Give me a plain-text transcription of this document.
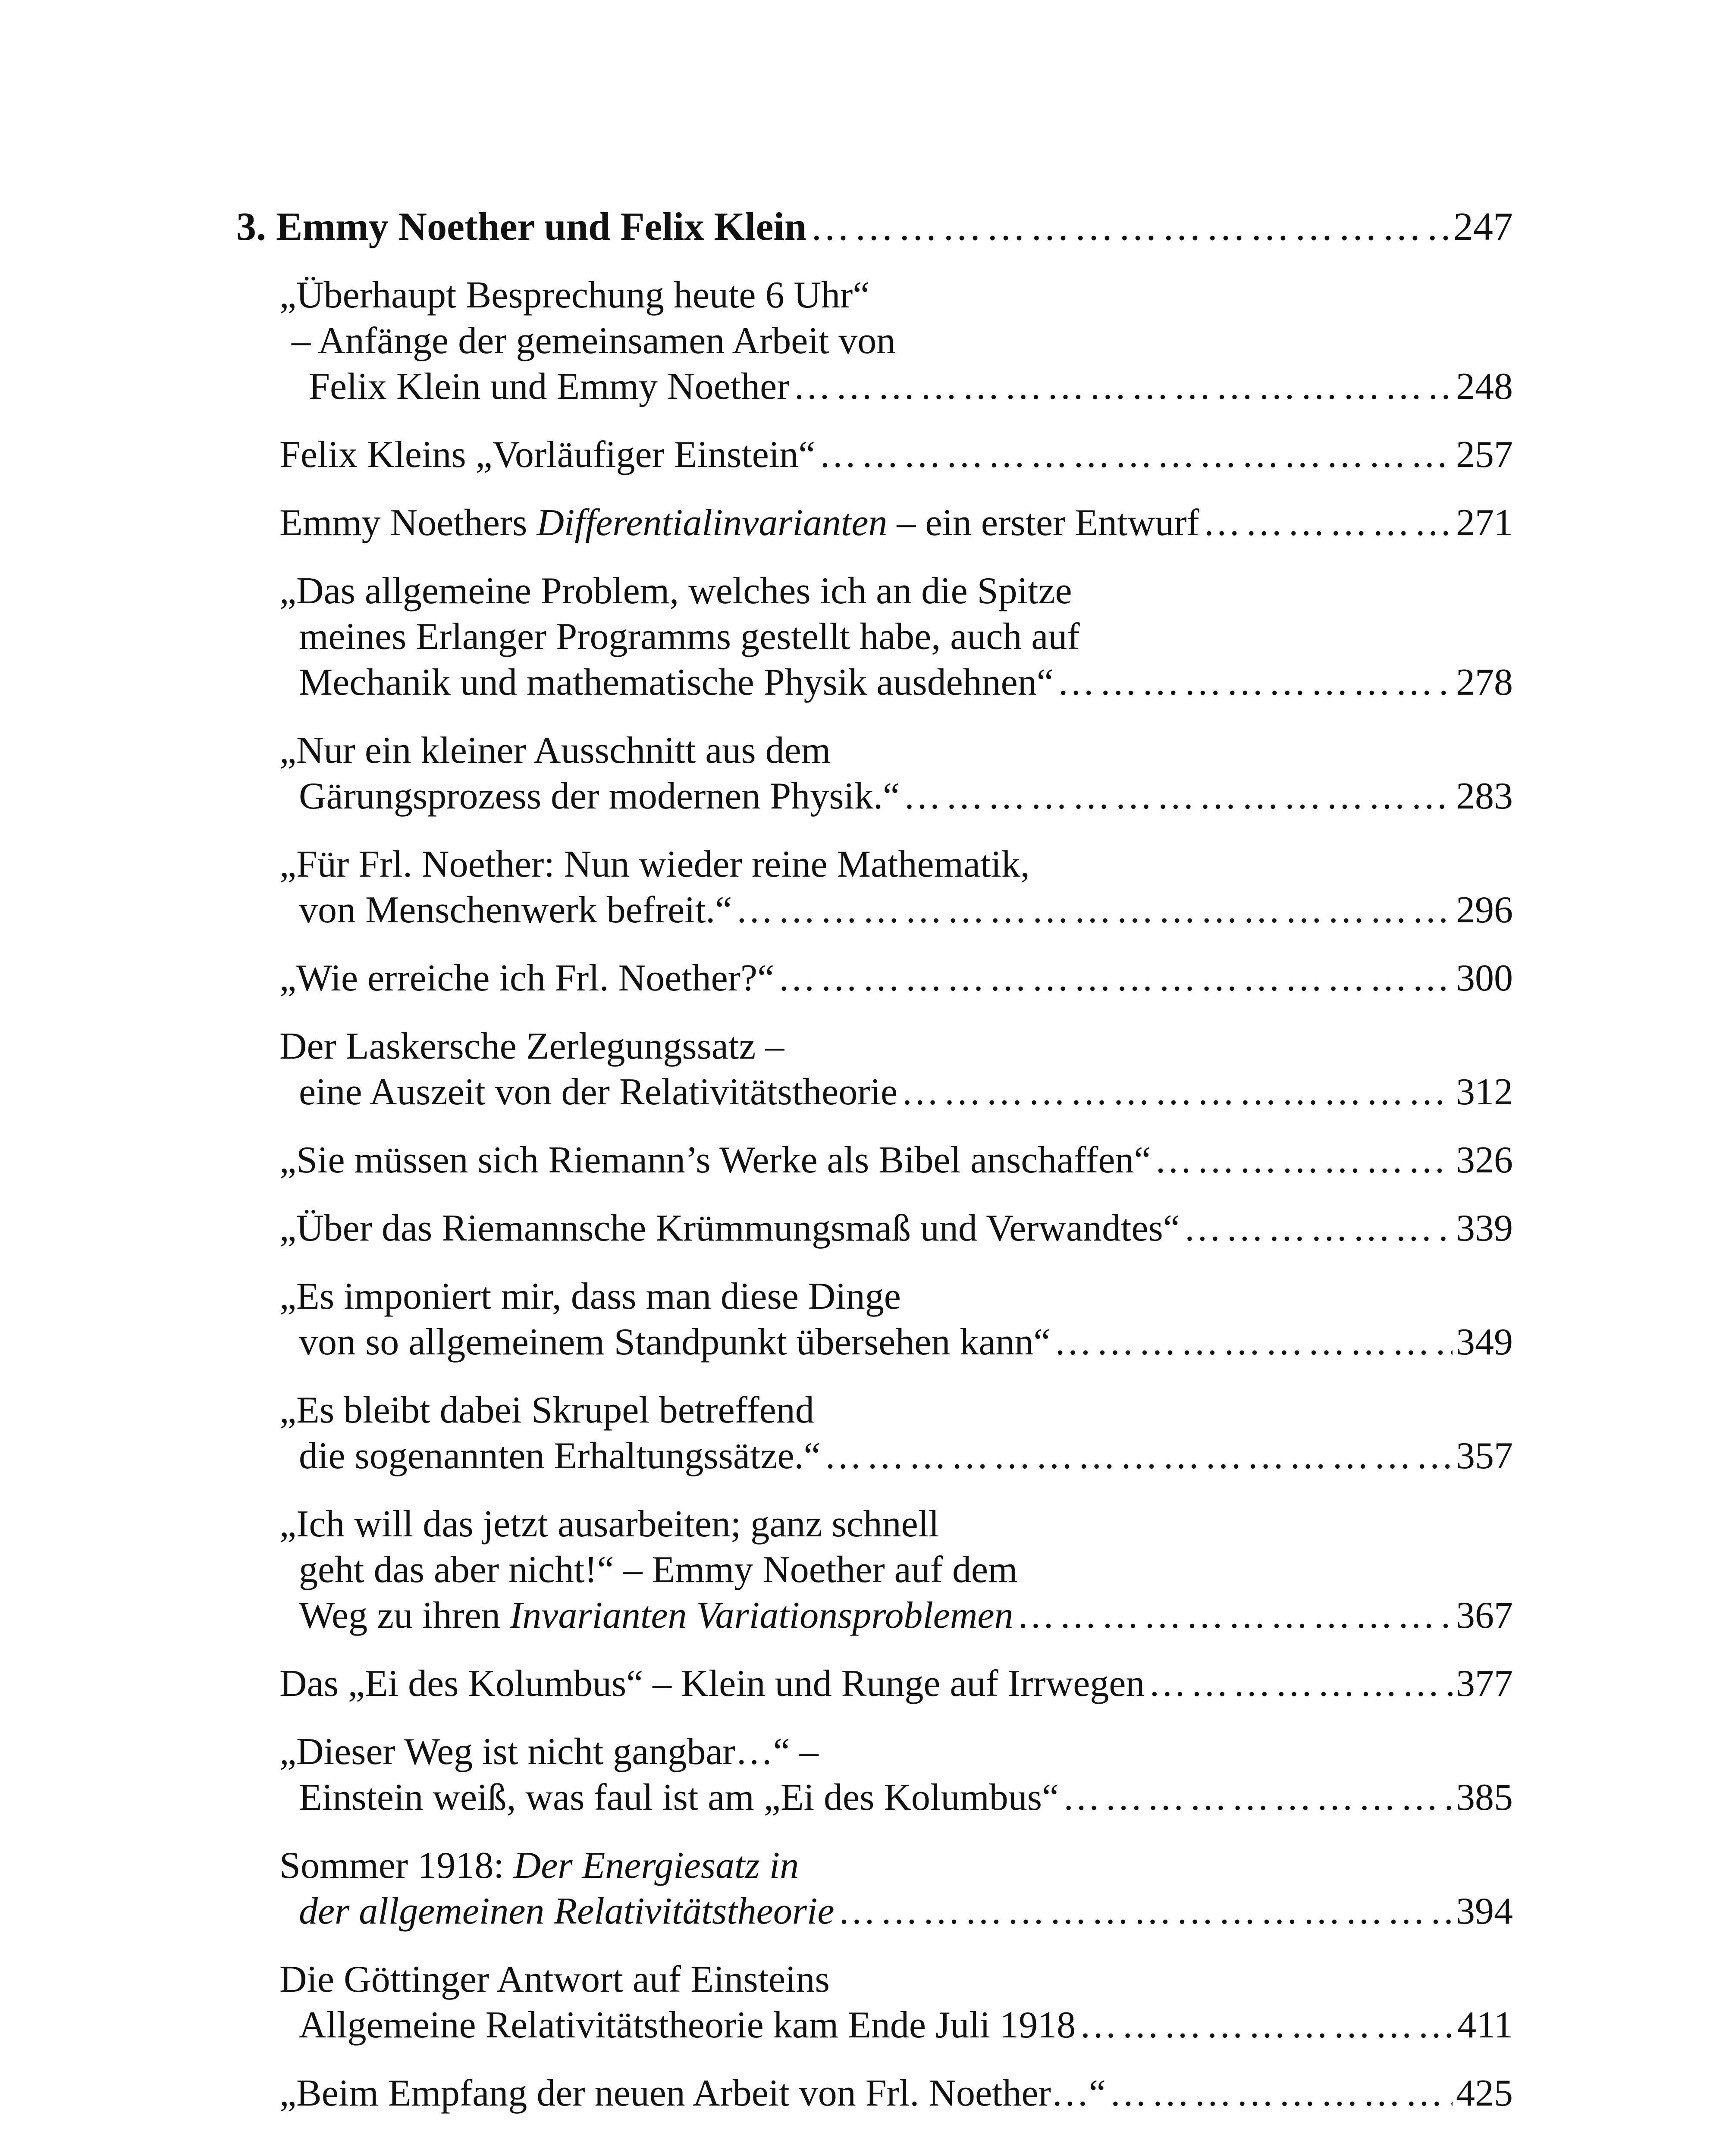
3. Emmy Noether und Felix Klein …………………………………………………………………………………………………………………………………………………………………………………………	247
„Überhaupt Besprechung heute 6 Uhr“
– Anfänge der gemeinsamen Arbeit von
Felix Klein und Emmy Noether …………………………………………………………………………………………………………………………………………………………………………………………	248
Felix Kleins „Vorläufiger Einstein“ …………………………………………………………………………………………………………………………………………………………………………………………	257
Emmy Noethers Differentialinvarianten – ein erster Entwurf …………………………………………………………………………………………………………………………………………………………………………………………	271
„Das allgemeine Problem, welches ich an die Spitze
meines Erlanger Programms gestellt habe, auch auf
Mechanik und mathematische Physik ausdehnen“ …………………………………………………………………………………………………………………………………………………………………………………………	278
„Nur ein kleiner Ausschnitt aus dem
Gärungsprozess der modernen Physik.“ …………………………………………………………………………………………………………………………………………………………………………………………	283
„Für Frl. Noether: Nun wieder reine Mathematik,
von Menschenwerk befreit.“ …………………………………………………………………………………………………………………………………………………………………………………………	296
„Wie erreiche ich Frl. Noether?“ …………………………………………………………………………………………………………………………………………………………………………………………	300
Der Laskersche Zerlegungssatz –
eine Auszeit von der Relativitätstheorie …………………………………………………………………………………………………………………………………………………………………………………………	312
„Sie müssen sich Riemann’s Werke als Bibel anschaffen“ …………………………………………………………………………………………………………………………………………………………………………………………	326
„Über das Riemannsche Krümmungsmaß und Verwandtes“ …………………………………………………………………………………………………………………………………………………………………………………………	339
„Es imponiert mir, dass man diese Dinge
von so allgemeinem Standpunkt übersehen kann“ …………………………………………………………………………………………………………………………………………………………………………………………	349
„Es bleibt dabei Skrupel betreffend
die sogenannten Erhaltungssätze.“ …………………………………………………………………………………………………………………………………………………………………………………………	357
„Ich will das jetzt ausarbeiten; ganz schnell
geht das aber nicht!“ – Emmy Noether auf dem
Weg zu ihren Invarianten Variationsproblemen …………………………………………………………………………………………………………………………………………………………………………………………	367
Das „Ei des Kolumbus“ – Klein und Runge auf Irrwegen …………………………………………………………………………………………………………………………………………………………………………………………	377
„Dieser Weg ist nicht gangbar…“ –
Einstein weiß, was faul ist am „Ei des Kolumbus“ …………………………………………………………………………………………………………………………………………………………………………………………	385
Sommer 1918: Der Energiesatz in
der allgemeinen Relativitätstheorie …………………………………………………………………………………………………………………………………………………………………………………………	394
Die Göttinger Antwort auf Einsteins
Allgemeine Relativitätstheorie kam Ende Juli 1918 …………………………………………………………………………………………………………………………………………………………………………………………	411
„Beim Empfang der neuen Arbeit von Frl. Noether…“ …………………………………………………………………………………………………………………………………………………………………………………………	425
